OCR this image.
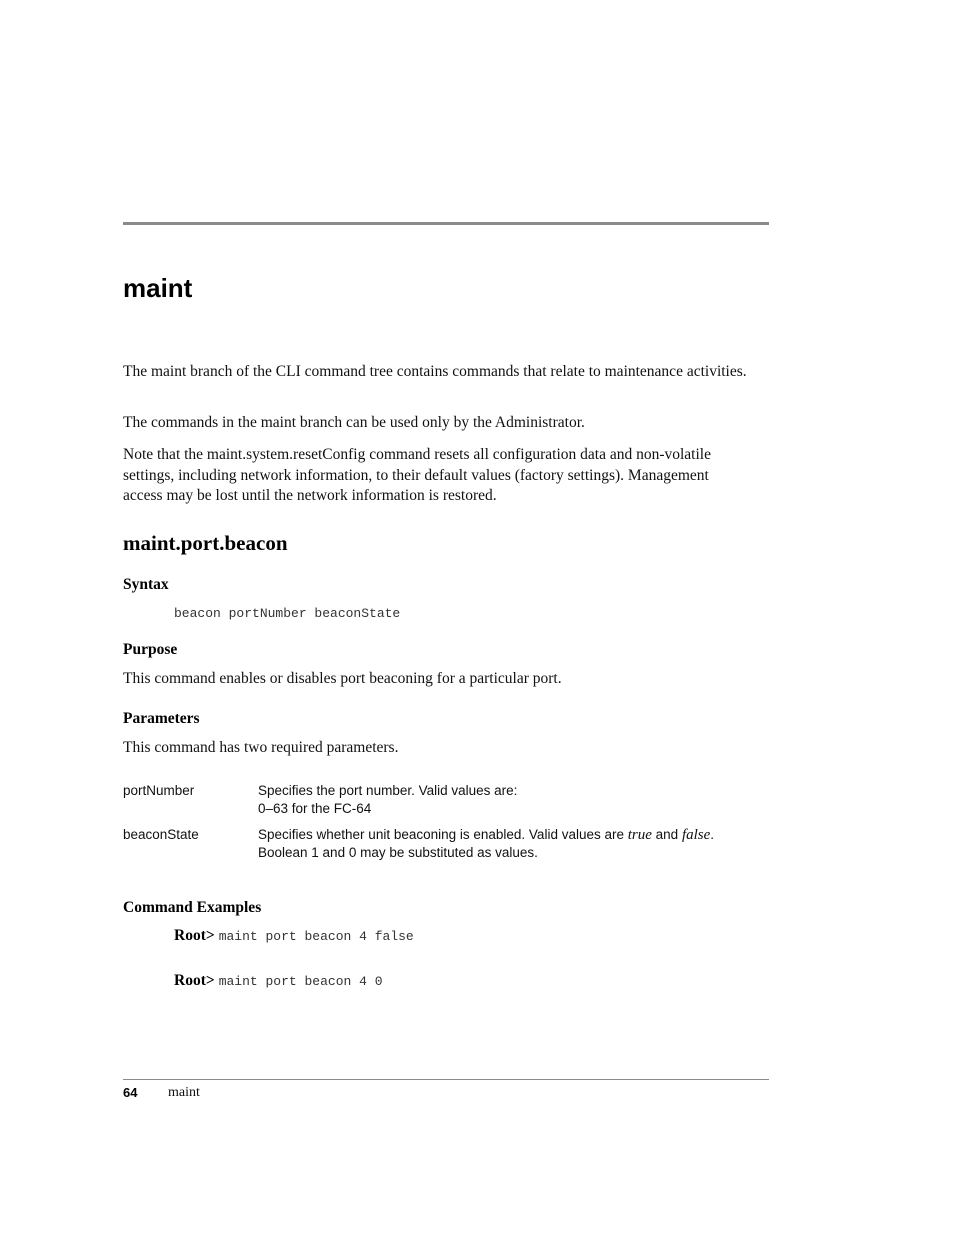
maint

The maint branch of the CLI command tree contains commands that relate to maintenance activities.

The commands in the maint branch can be used only by the Administrator.

Note that the maint.system.resetConfig command resets all configuration data and non-volatile settings, including network information, to their default values (factory settings). Management access may be lost until the network information is restored.

maint.port.beacon
Syntax

beacon portNumber beaconState

Purpose

This command enables or disables port beaconing for a particular port.

Parameters

This command has two required parameters.

portNumber	Specifies the port number. Valid values are:
0–63 for the FC-64

beaconState	Specifies whether unit beaconing is enabled. Valid values are true and false.
Boolean 1 and 0 may be substituted as values.

Command Examples

Root> maint port beacon 4 false

Root> maint port beacon 4 0

64 maint
